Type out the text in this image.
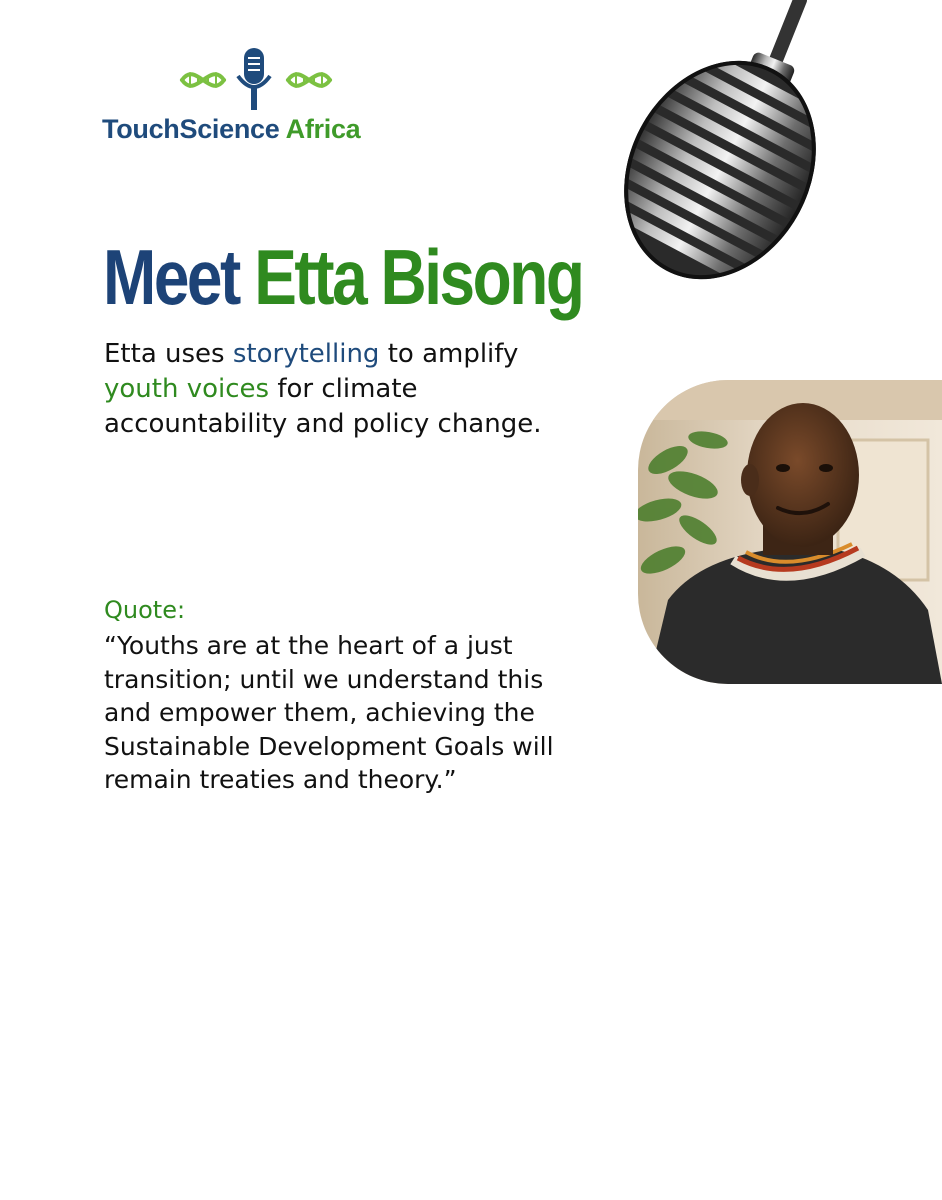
TouchScience Africa
Meet Etta Bisong

Etta uses storytelling to amplify youth voices for climate accountability and policy change.

Quote:

“Youths are at the heart of a just transition; until we understand this and empower them, achieving the Sustainable Development Goals will remain treaties and theory.”
